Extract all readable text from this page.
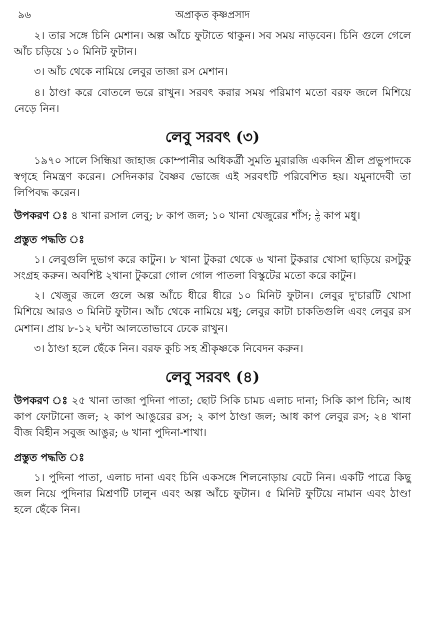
৯৬	অপ্রাকৃত কৃষ্ণপ্রসাদ

২। তার সঙ্গে চিনি মেশান। অল্প আঁচে ফুটাতে থাকুন। সব সময় নাড়বেন। চিনি গুলে গেলে আঁচ চড়িয়ে ১০ মিনিট ফুটান।

৩। আঁচ থেকে নামিয়ে লেবুর তাজা রস মেশান।

৪। ঠাণ্ডা করে বোতলে ভরে রাখুন। সরবৎ করার সময় পরিমাণ মতো বরফ জলে মিশিয়ে নেড়ে নিন।

লেবু সরবৎ (৩)

১৯৭০ সালে সিন্ধিয়া জাহাজ কোম্পানীর অধিকর্ত্রী সুমতি মুরারজি একদিন শ্রীল প্রভুপাদকে স্বগৃহে নিমন্ত্রণ করেন। সেদিনকার বৈষ্ণব ভোজে এই সরবৎটি পরিবেশিত হয়। যমুনাদেবী তা লিপিবদ্ধ করেন।

উপকরণ ঃ ৪ খানা রসাল লেবু; ৮ কাপ জল; ১০ খানা খেজুরের শাঁস; $\frac{১}{৩}$ কাপ মধু।

প্রস্তুত পদ্ধতি ঃ

১। লেবুগুলি দুভাগ করে কাটুন। ৮ খানা টুকরা থেকে ৬ খানা টুকরার খোসা ছাড়িয়ে রসটুকু সংগ্রহ করুন। অবশিষ্ট ২খানা টুকরো গোল গোল পাতলা বিস্কুটের মতো করে কাটুন।

২। খেজুর জলে গুলে অল্প আঁচে ধীরে ধীরে ১০ মিনিট ফুটান। লেবুর দু'চারটি খোসা মিশিয়ে আরও ৩ মিনিট ফুটান। আঁচ থেকে নামিয়ে মধু; লেবুর কাটা চাকতিগুলি এবং লেবুর রস মেশান। প্রায় ৮-১২ ঘন্টা আলতোভাবে ঢেকে রাখুন।

৩। ঠাণ্ডা হলে ছেঁকে নিন। বরফ কুচি সহ শ্রীকৃষ্ণকে নিবেদন করুন।

লেবু সরবৎ (৪)

উপকরণ ঃ ২৫ খানা তাজা পুদিনা পাতা; ছোট সিকি চামচ এলাচ দানা; সিকি কাপ চিনি; আধ কাপ ফোটানো জল; ২ কাপ আঙুরের রস; ২ কাপ ঠাণ্ডা জল; আধ কাপ লেবুর রস; ২৪ খানা বীজ বিহীন সবুজ আঙুর; ৬ খানা পুদিনা-শাখা।

প্রস্তুত পদ্ধতি ঃ

১। পুদিনা পাতা, এলাচ দানা এবং চিনি একসঙ্গে শিলনোড়ায় বেটে নিন। একটি পাত্রে কিছু জল নিয়ে পুদিনার মিশ্রণটি ঢালুন এবং অল্প আঁচে ফুটান। ৫ মিনিট ফুটিয়ে নামান এবং ঠাণ্ডা হলে ছেঁকে নিন।
